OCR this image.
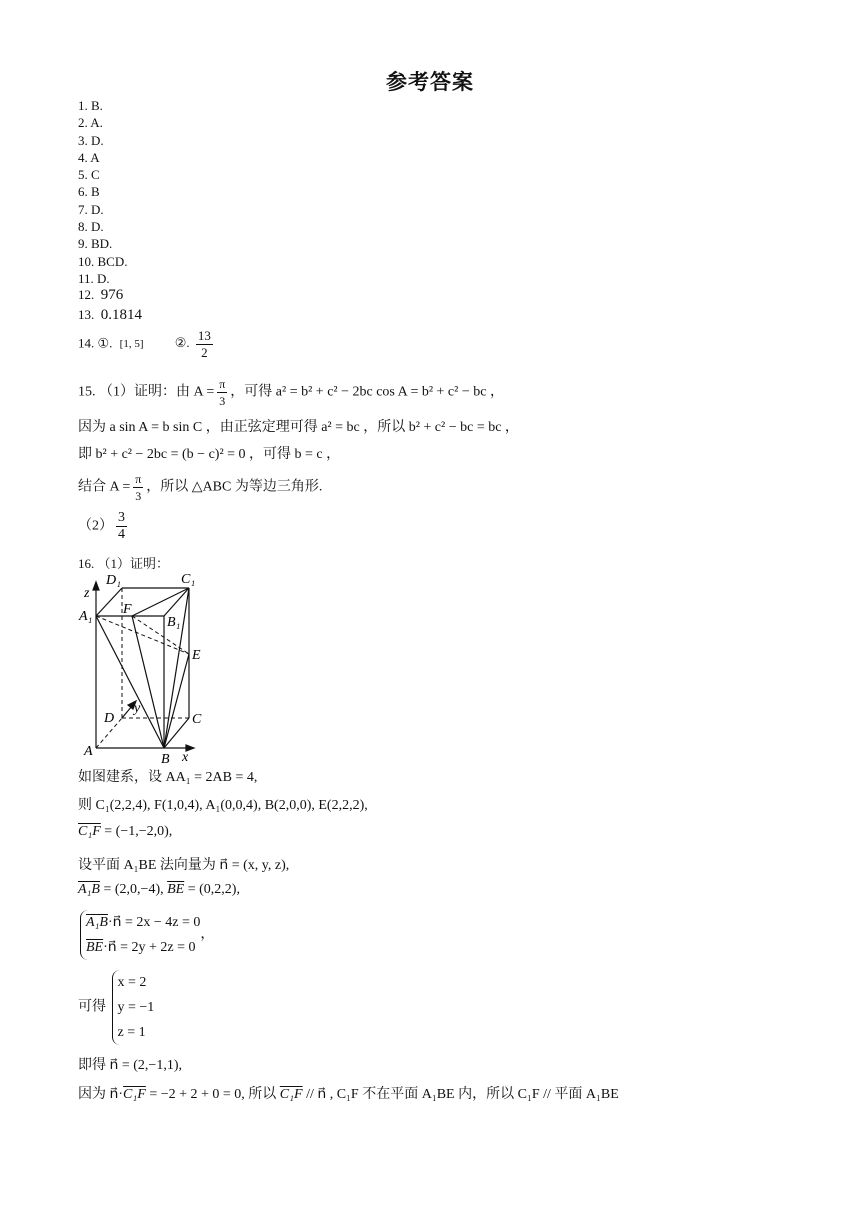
参考答案
1. B.
2. A.
3. D.
4. A
5. C
6. B
7. D.
8. D.
9. BD.
10. BCD.
11. D.
12. 976
13. 0.1814
14. ①. [1, 5] ②. $\frac{13}{2}$
15. （1）证明：由 $A = \frac{\pi}{3}$ ，可得 a² = b² + c² − 2bc cos A = b² + c² − bc ，
因为 a sin A = b sin C ，由正弦定理可得 a² = bc ，所以 b² + c² − bc = bc ，
即 b² + c² − 2bc = (b − c)² = 0 ，可得 b = c ，
结合 $A = \frac{\pi}{3}$ ，所以 △ABC 为等边三角形.
$(2) \frac{3}{4}$
16. （1）证明：
D₁	C₁
z
A₁ F
B₁
E
D
y
C
A
B x
如图建系，设 AA₁ = 2AB = 4,
则 C₁(2,2,4), F(1,0,4), A₁(0,0,4), B(2,0,0), E(2,2,2),
C₁F = (−1,−2,0),
设平面 A₁BE 法向量为 n⃗ = (x, y, z),
A₁B = (2,0,−4), $\overline{BE} = (0,2,2)$,
A₁B·n⃗ = 2x − 4z = 0
$\overline{BE}\cdot n⃗ = 2y + 2z = 0$
，
可得
x = 2
y = −1
z = 1
即得 n⃗ = (2,−1,1),
因为 n⃗·C₁F = −2 + 2 + 0 = 0, 所以 C₁F // n⃗ , C₁F 不在平面 A₁BE 内，所以 C₁F // 平面 A₁BE
